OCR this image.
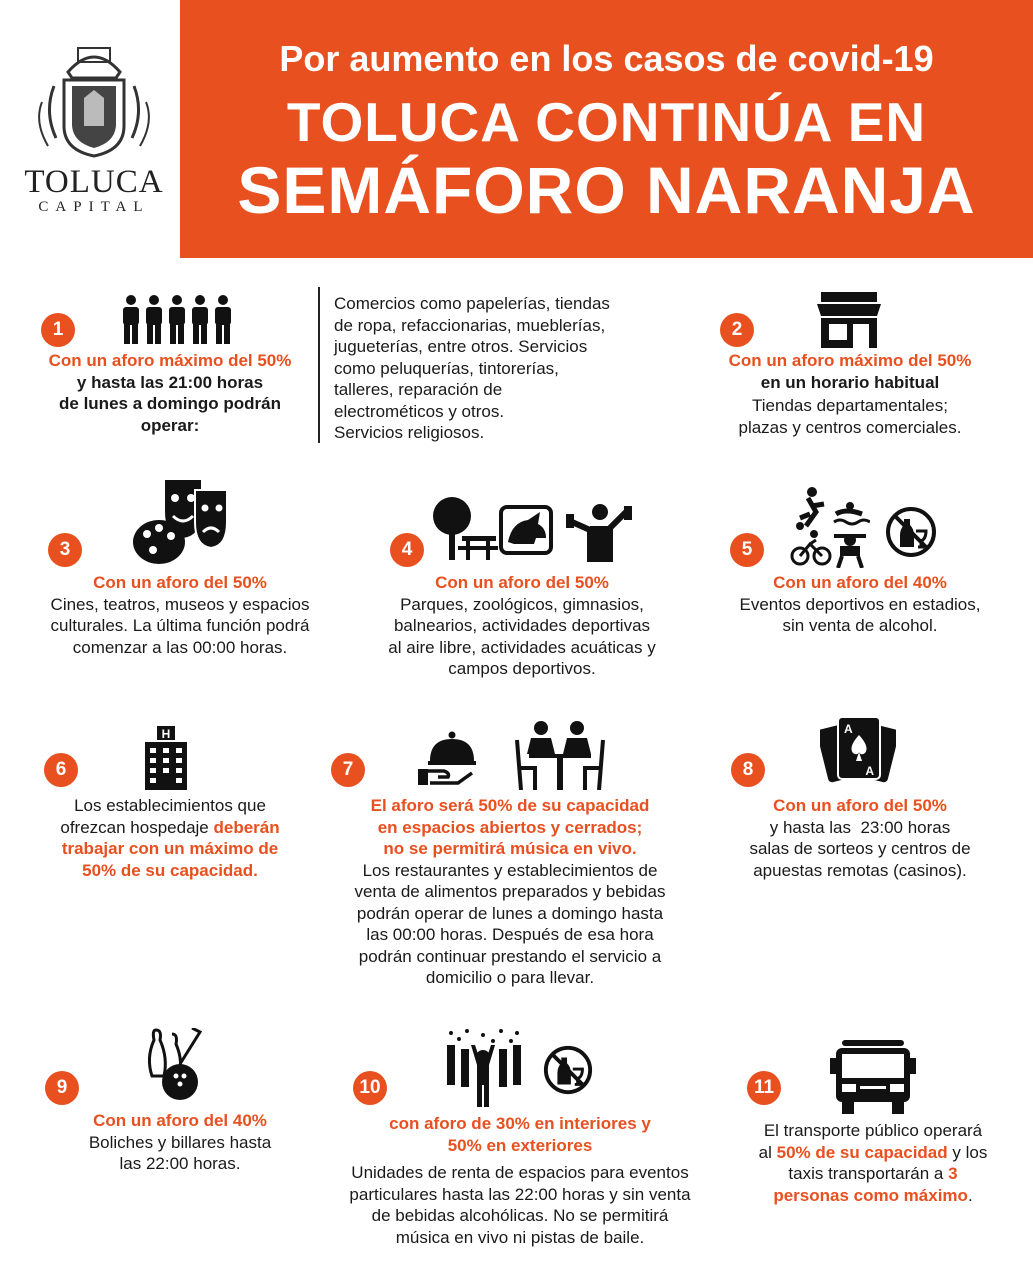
TOLUCA
CAPITAL
Por aumento en los casos de covid-19
TOLUCA CONTINÚA EN
SEMÁFORO NARANJA
1
Con un aforo máximo del 50%
y hasta las 21:00 horas
de lunes a domingo podrán
operar:
Comercios como papelerías, tiendas
de ropa, refaccionarias, mueblerías,
jugueterías, entre otros. Servicios
como peluquerías, tintorerías,
talleres, reparación de
electrométicos y otros.
Servicios religiosos.
2
Con un aforo máximo del 50%
en un horario habitual
Tiendas departamentales;
plazas y centros comerciales.
3
Con un aforo del 50%
Cines, teatros, museos y espacios
culturales. La última función podrá
comenzar a las 00:00 horas.
4
Con un aforo del 50%
Parques, zoológicos, gimnasios,
balnearios, actividades deportivas
al aire libre, actividades acuáticas y
campos deportivos.
5
Con un aforo del 40%
Eventos deportivos en estadios,
sin venta de alcohol.
6
H
Los establecimientos que
ofrezcan hospedaje deberán
trabajar con un máximo de
50% de su capacidad.
7
El aforo será 50% de su capacidad
en espacios abiertos y cerrados;
no se permitirá música en vivo.
Los restaurantes y establecimientos de
venta de alimentos preparados y bebidas
podrán operar de lunes a domingo hasta
las 00:00 horas. Después de esa hora
podrán continuar prestando el servicio a
domicilio o para llevar.
8
A
A
Con un aforo del 50%
y hasta las  23:00 horas
salas de sorteos y centros de
apuestas remotas (casinos).
9
Con un aforo del 40%
Boliches y billares hasta
las 22:00 horas.
10
con aforo de 30% en interiores y
50% en exteriores
Unidades de renta de espacios para eventos
particulares hasta las 22:00 horas y sin venta
de bebidas alcohólicas. No se permitirá
música en vivo ni pistas de baile.
11
El transporte público operará
al 50% de su capacidad y los
taxis transportarán a 3
personas como máximo.
